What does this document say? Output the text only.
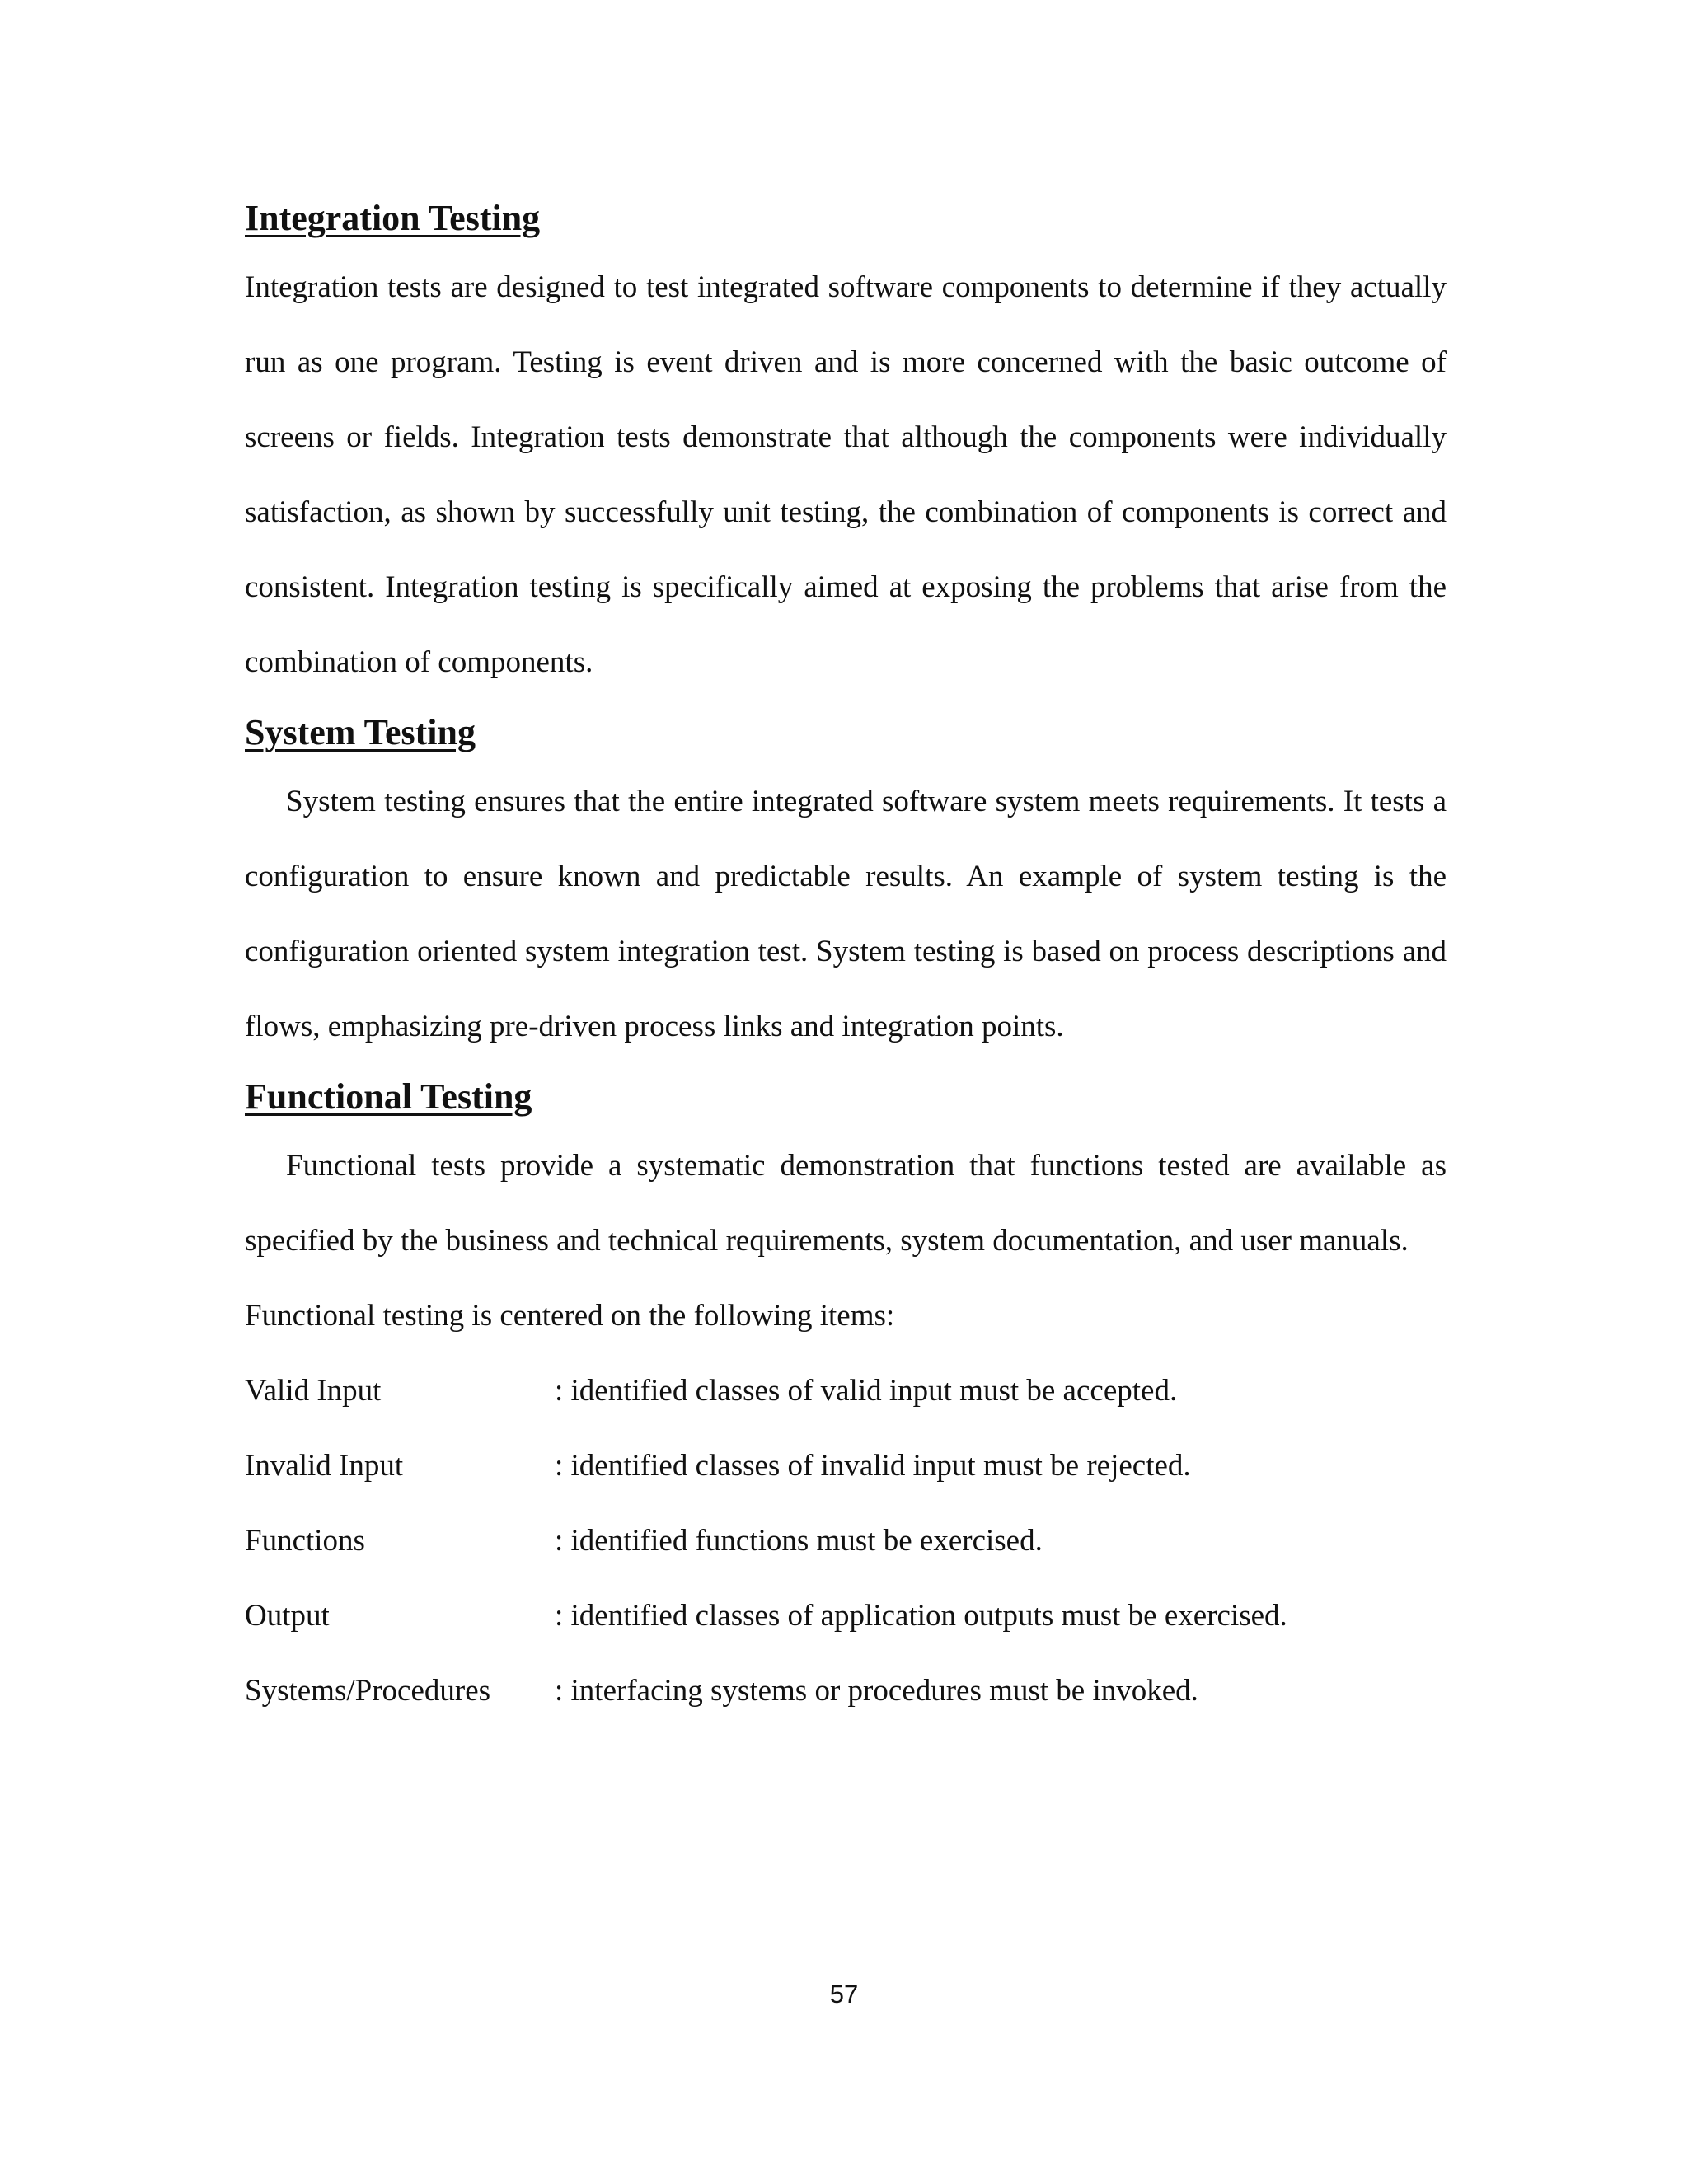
Integration Testing

Integration tests are designed to test integrated software components to determine if they actually run as one program. Testing is event driven and is more concerned with the basic outcome of screens or fields. Integration tests demonstrate that although the components were individually satisfaction, as shown by successfully unit testing, the combination of components is correct and consistent. Integration testing is specifically aimed at exposing the problems that arise from the combination of components.

System Testing

System testing ensures that the entire integrated software system meets requirements. It tests a configuration to ensure known and predictable results. An example of system testing is the configuration oriented system integration test. System testing is based on process descriptions and flows, emphasizing pre-driven process links and integration points.

Functional Testing

Functional tests provide a systematic demonstration that functions tested are available as specified by the business and technical requirements, system documentation, and user manuals.

Functional testing is centered on the following items:

Valid Input	: identified classes of valid input must be accepted.
Invalid Input	: identified classes of invalid input must be rejected.
Functions	: identified functions must be exercised.
Output	: identified classes of application outputs must be exercised.
Systems/Procedures	: interfacing systems or procedures must be invoked.
57
